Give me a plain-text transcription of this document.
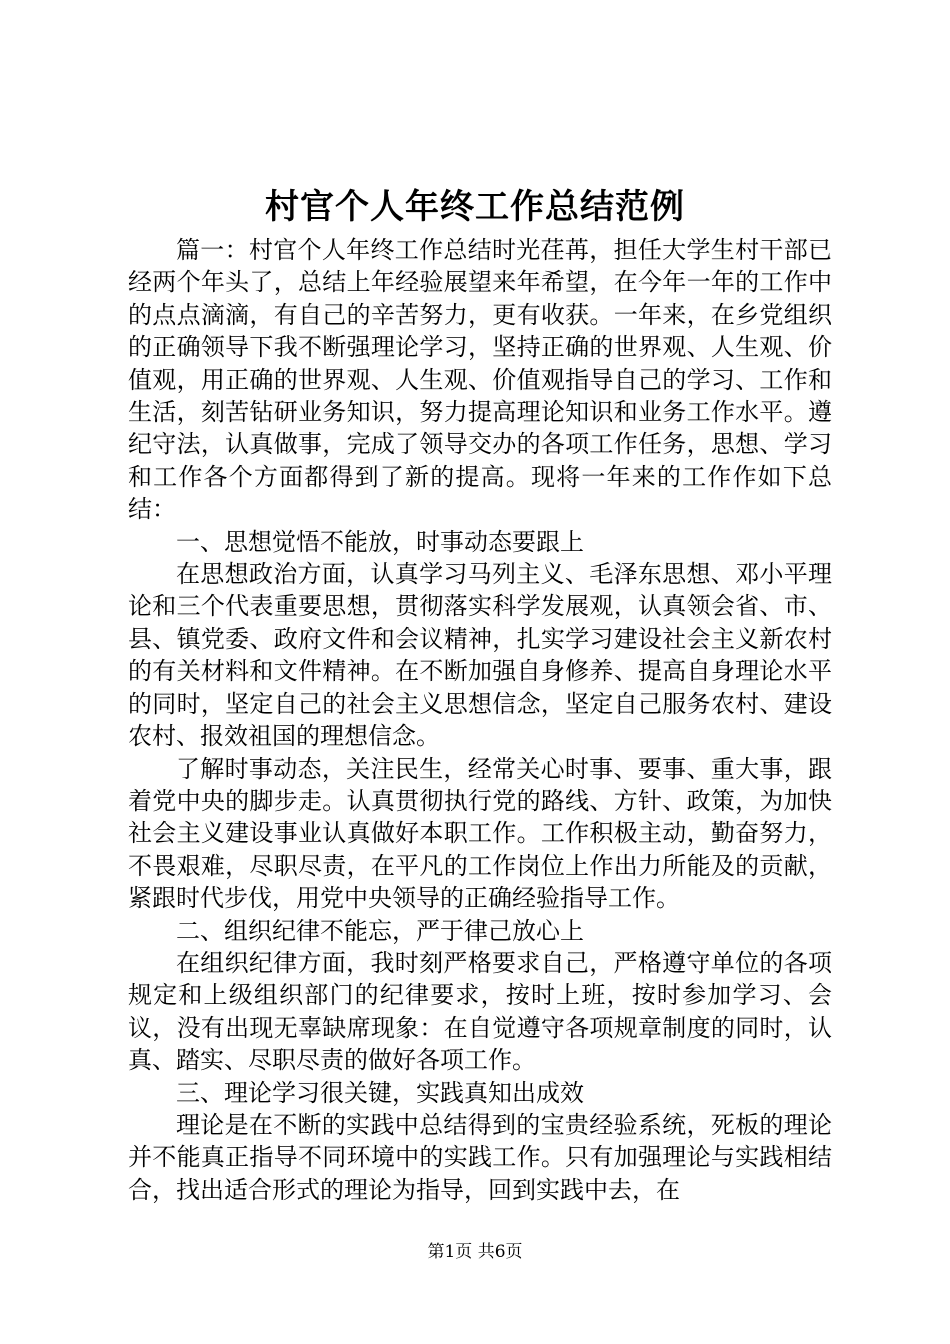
村官个人年终工作总结范例

篇一：村官个人年终工作总结时光荏苒，担任大学生村干部已经两个年头了，总结上年经验展望来年希望，在今年一年的工作中的点点滴滴，有自己的辛苦努力，更有收获。一年来，在乡党组织的正确领导下我不断强理论学习，坚持正确的世界观、人生观、价值观，用正确的世界观、人生观、价值观指导自己的学习、工作和生活，刻苦钻研业务知识，努力提高理论知识和业务工作水平。遵纪守法，认真做事，完成了领导交办的各项工作任务，思想、学习和工作各个方面都得到了新的提高。现将一年来的工作作如下总结：

一、思想觉悟不能放，时事动态要跟上

在思想政治方面，认真学习马列主义、毛泽东思想、邓小平理论和三个代表重要思想，贯彻落实科学发展观，认真领会省、市、县、镇党委、政府文件和会议精神，扎实学习建设社会主义新农村的有关材料和文件精神。在不断加强自身修养、提高自身理论水平的同时，坚定自己的社会主义思想信念，坚定自己服务农村、建设农村、报效祖国的理想信念。

了解时事动态，关注民生，经常关心时事、要事、重大事，跟着党中央的脚步走。认真贯彻执行党的路线、方针、政策，为加快社会主义建设事业认真做好本职工作。工作积极主动，勤奋努力，不畏艰难，尽职尽责，在平凡的工作岗位上作出力所能及的贡献，紧跟时代步伐，用党中央领导的正确经验指导工作。

二、组织纪律不能忘，严于律己放心上

在组织纪律方面，我时刻严格要求自己，严格遵守单位的各项规定和上级组织部门的纪律要求，按时上班，按时参加学习、会议，没有出现无辜缺席现象：在自觉遵守各项规章制度的同时，认真、踏实、尽职尽责的做好各项工作。

三、理论学习很关键，实践真知出成效

理论是在不断的实践中总结得到的宝贵经验系统，死板的理论并不能真正指导不同环境中的实践工作。只有加强理论与实践相结合，找出适合形式的理论为指导，回到实践中去，在

第1页 共6页
